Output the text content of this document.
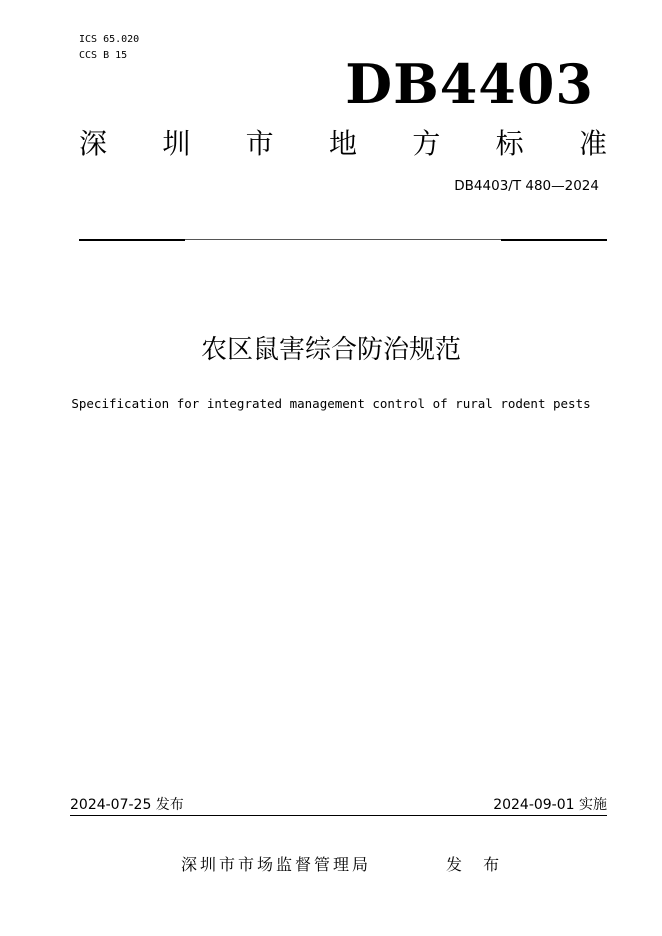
ICS 65.020
CCS B 15	DB4403
深 圳 市 地 方 标 准
DB4403/T 480—2024
农区鼠害综合防治规范
Specification for integrated management control of rural rodent pests
2024-07-25 发布	2024-09-01 实施
深圳市市场监督管理局	发 布
